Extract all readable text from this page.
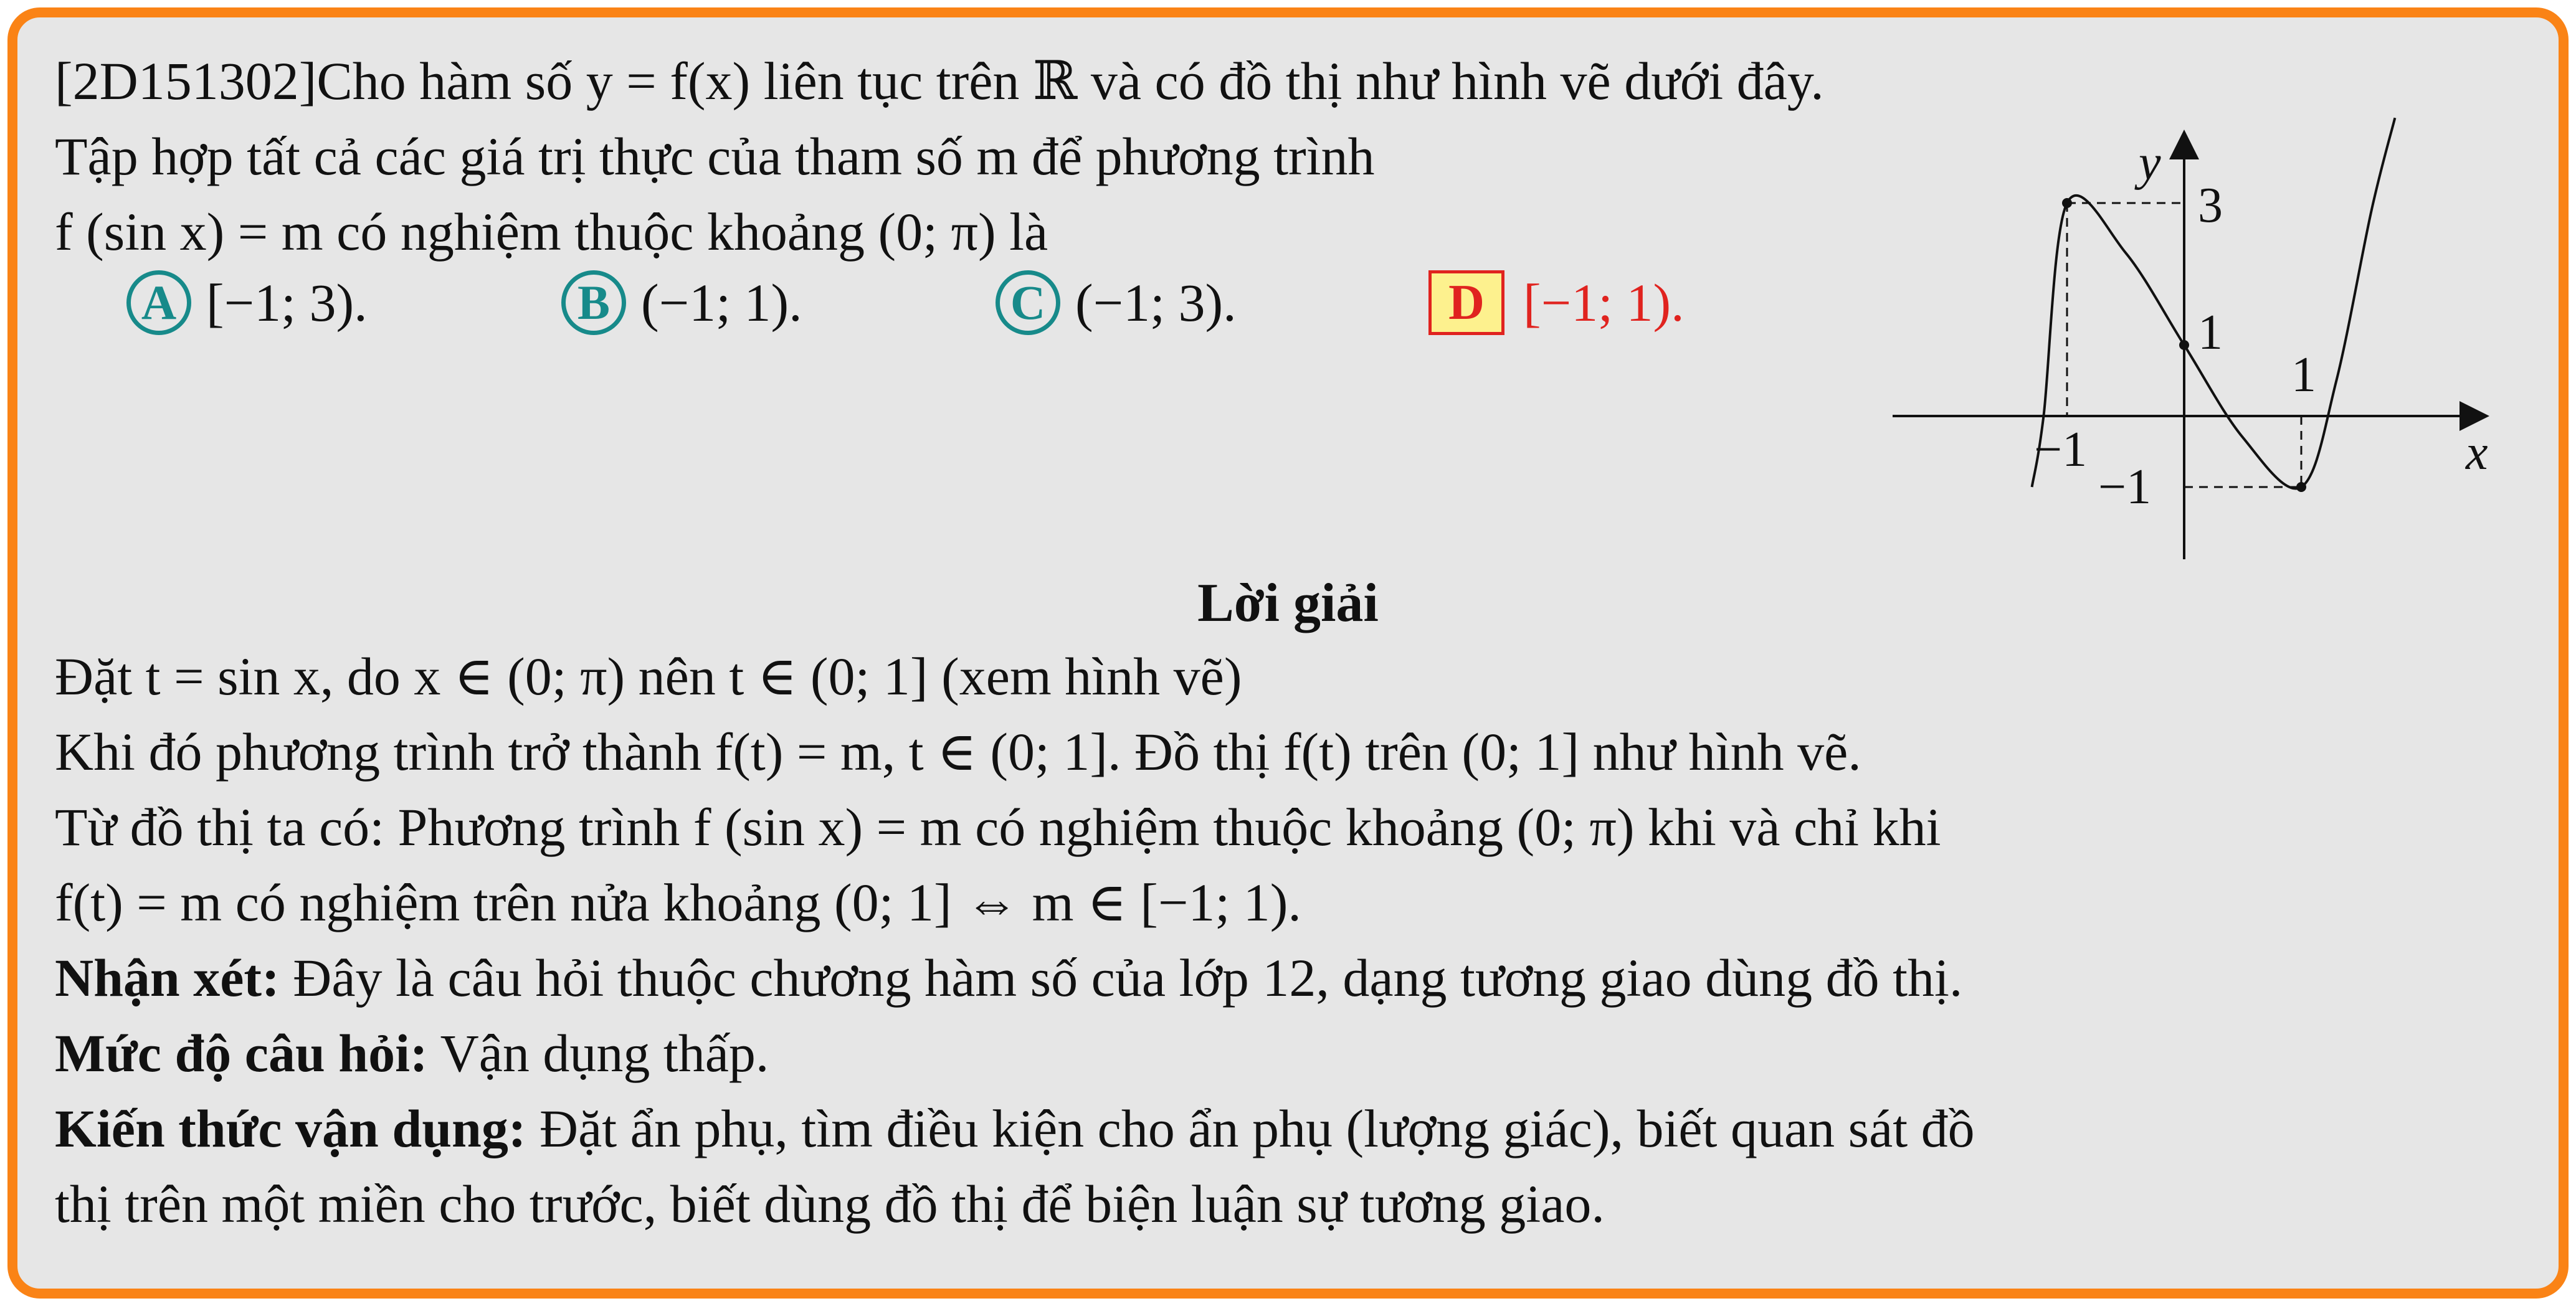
[2D151302]Cho hàm số y = f(x) liên tục trên ℝ và có đồ thị như hình vẽ dưới đây.
Tập hợp tất cả các giá trị thực của tham số m để phương trình
f (sin x) = m có nghiệm thuộc khoảng (0; π) là
A [−1; 3).	B (−1; 1).	C (−1; 3).	D [−1; 1).
y
x
3
1
1
−1
−1
Lời giải
Đặt t = sin x, do x ∈ (0; π) nên t ∈ (0; 1] (xem hình vẽ)
Khi đó phương trình trở thành f(t) = m, t ∈ (0; 1]. Đồ thị f(t) trên (0; 1] như hình vẽ.
Từ đồ thị ta có: Phương trình f (sin x) = m có nghiệm thuộc khoảng (0; π) khi và chỉ khi
f(t) = m có nghiệm trên nửa khoảng (0; 1] ⇔ m ∈ [−1; 1).
Nhận xét: Đây là câu hỏi thuộc chương hàm số của lớp 12, dạng tương giao dùng đồ thị.
Mức độ câu hỏi: Vận dụng thấp.
Kiến thức vận dụng: Đặt ẩn phụ, tìm điều kiện cho ẩn phụ (lượng giác), biết quan sát đồ
thị trên một miền cho trước, biết dùng đồ thị để biện luận sự tương giao.
